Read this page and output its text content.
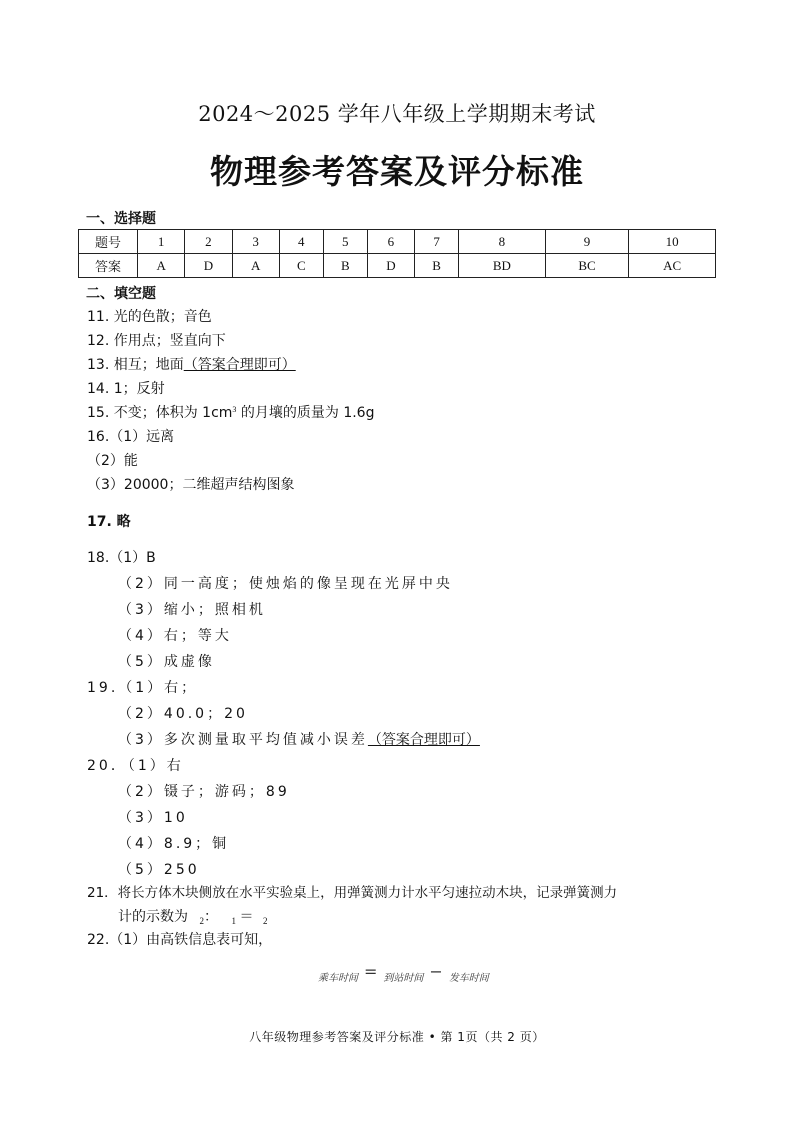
2024～2025 学年八年级上学期期末考试
物理参考答案及评分标准
一、选择题
题号	1	2	3	4	5	6	7	8	9	10
答案	A	D	A	C	B	D	B	BD	BC	AC
二、填空题
11. 光的色散；音色
12. 作用点；竖直向下
13. 相互；地面（答案合理即可）
14. 1；反射
15. 不变；体积为 $1cm^3$ 的月壤的质量为 1.6g
16.（1）远离
（2）能
（3）20000；二维超声结构图象
17. 略
18.（1）B
（2）同一高度；使烛焰的像呈现在光屏中央
（3）缩小；照相机
（4）右；等大
（5）成虚像
19.（1）右；
（2）40.0；20
（3）多次测量取平均值减小误差（答案合理即可）
20．（1）右
（2）镊子；游码；89
（3）10
（4）8.9；铜
（5）250
21．将长方体木块侧放在水平实验桌上，用弹簧测力计水平匀速拉动木块，记录弹簧测力
计的示数为 $_2$： $_1$ ＝ $_2$
22.（1）由高铁信息表可知，
乘车时间 = 到站时间 − 发车时间
八年级物理参考答案及评分标准 • 第 1页（共 2 页）
